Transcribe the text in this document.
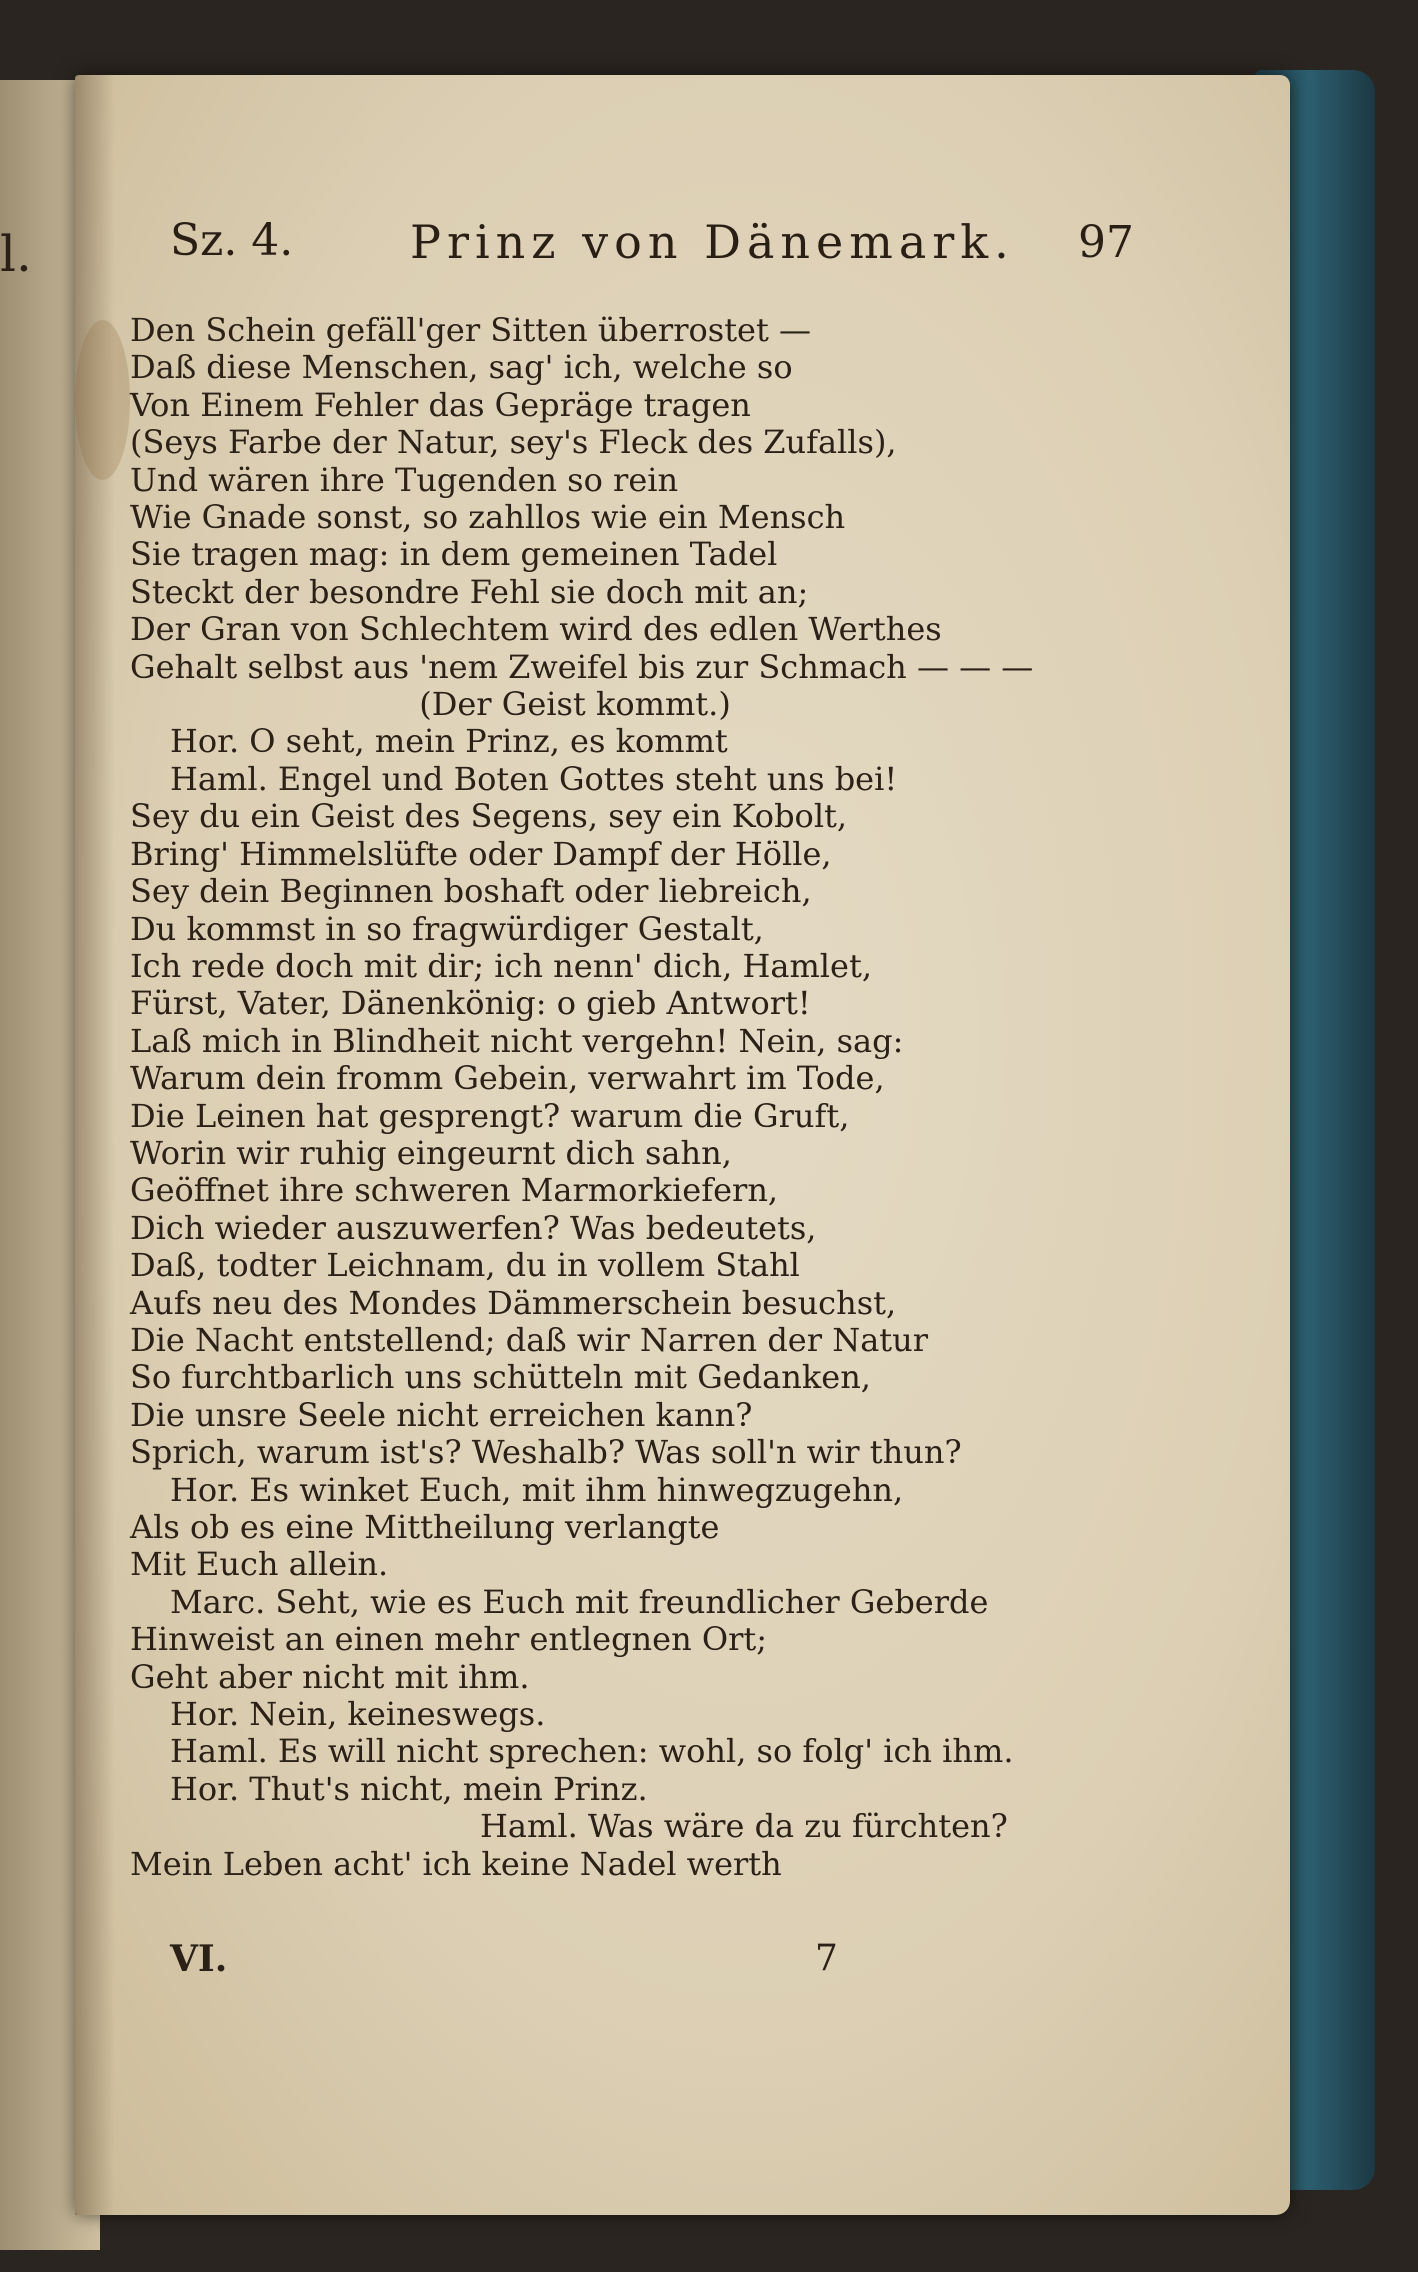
l.	Sz. 4.	Prinz von Dänemark. 97
Den Schein gefäll'ger Sitten überrostet —
Daß diese Menschen, sag' ich, welche so
Von Einem Fehler das Gepräge tragen
(Seys Farbe der Natur, sey's Fleck des Zufalls),
Und wären ihre Tugenden so rein
Wie Gnade sonst, so zahllos wie ein Mensch
Sie tragen mag: in dem gemeinen Tadel
Steckt der besondre Fehl sie doch mit an;
Der Gran von Schlechtem wird des edlen Werthes
Gehalt selbst aus 'nem Zweifel bis zur Schmach — — —
(Der Geist kommt.)
Hor. O seht, mein Prinz, es kommt
Haml. Engel und Boten Gottes steht uns bei!
Sey du ein Geist des Segens, sey ein Kobolt,
Bring' Himmelslüfte oder Dampf der Hölle,
Sey dein Beginnen boshaft oder liebreich,
Du kommst in so fragwürdiger Gestalt,
Ich rede doch mit dir; ich nenn' dich, Hamlet,
Fürst, Vater, Dänenkönig: o gieb Antwort!
Laß mich in Blindheit nicht vergehn! Nein, sag:
Warum dein fromm Gebein, verwahrt im Tode,
Die Leinen hat gesprengt? warum die Gruft,
Worin wir ruhig eingeurnt dich sahn,
Geöffnet ihre schweren Marmorkiefern,
Dich wieder auszuwerfen? Was bedeutets,
Daß, todter Leichnam, du in vollem Stahl
Aufs neu des Mondes Dämmerschein besuchst,
Die Nacht entstellend; daß wir Narren der Natur
So furchtbarlich uns schütteln mit Gedanken,
Die unsre Seele nicht erreichen kann?
Sprich, warum ist's? Weshalb? Was soll'n wir thun?
Hor. Es winket Euch, mit ihm hinwegzugehn,
Als ob es eine Mittheilung verlangte
Mit Euch allein.
Marc. Seht, wie es Euch mit freundlicher Geberde
Hinweist an einen mehr entlegnen Ort;
Geht aber nicht mit ihm.
Hor. Nein, keineswegs.
Haml. Es will nicht sprechen: wohl, so folg' ich ihm.
Hor. Thut's nicht, mein Prinz.
Haml. Was wäre da zu fürchten?
Mein Leben acht' ich keine Nadel werth
VI.	7
